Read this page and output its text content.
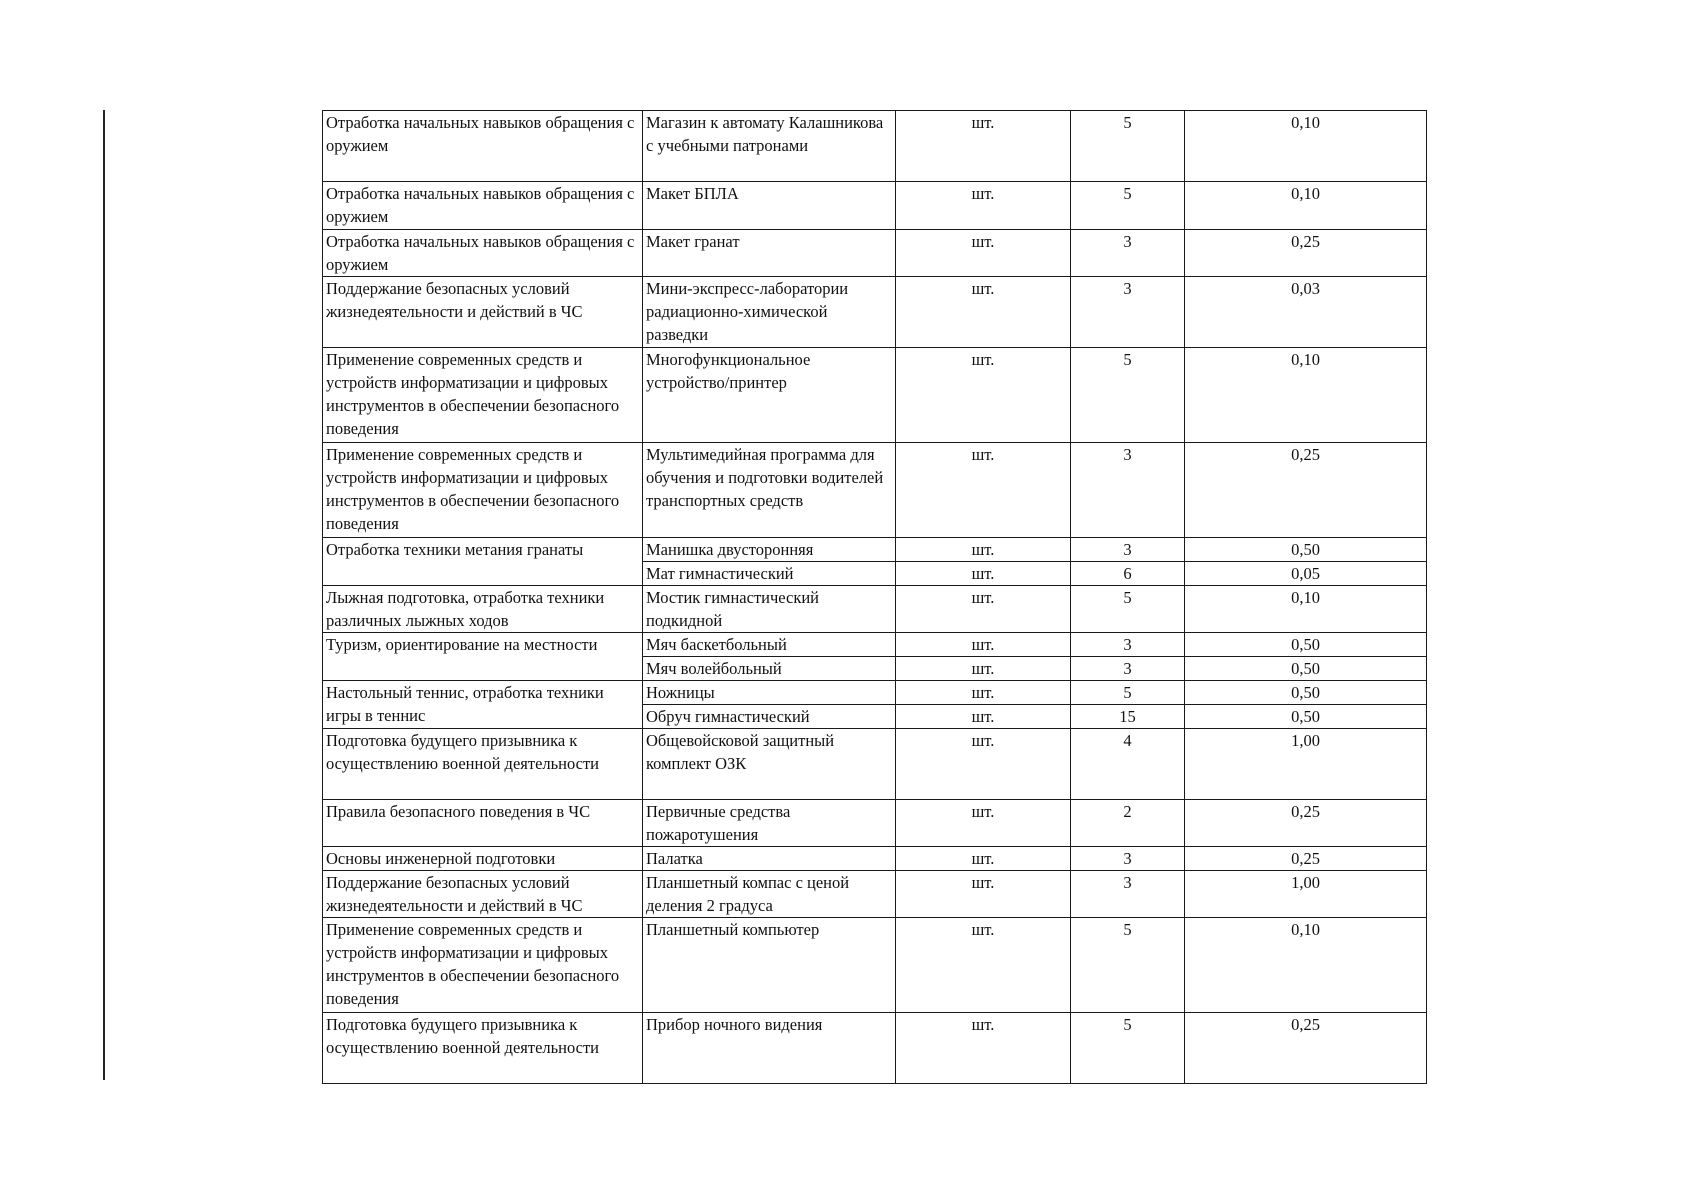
Отработка начальных навыков обращения с оружием	Магазин к автомату Калашникова с учебными патронами	шт.	5	0,10
Отработка начальных навыков обращения с оружием	Макет БПЛА	шт.	5	0,10
Отработка начальных навыков обращения с оружием	Макет гранат	шт.	3	0,25
Поддержание безопасных условий жизнедеятельности и действий в ЧС	Мини-экспресс-лаборатории радиационно-химической разведки	шт.	3	0,03
Применение современных средств и устройств информатизации и цифровых инструментов в обеспечении безопасного поведения	Многофункциональное устройство/принтер	шт.	5	0,10
Применение современных средств и устройств информатизации и цифровых инструментов в обеспечении безопасного поведения	Мультимедийная программа для обучения и подготовки водителей транспортных средств	шт.	3	0,25
Отработка техники метания гранаты	Манишка двусторонняя	шт.	3	0,50
	Мат гимнастический	шт.	6	0,05
Лыжная подготовка, отработка техники различных лыжных ходов	Мостик гимнастический подкидной	шт.	5	0,10
Туризм, ориентирование на местности	Мяч баскетбольный	шт.	3	0,50
	Мяч волейбольный	шт.	3	0,50
Настольный теннис, отработка техники игры в теннис	Ножницы	шт.	5	0,50
	Обруч гимнастический	шт.	15	0,50
Подготовка будущего призывника к осуществлению военной деятельности	Общевойсковой защитный комплект ОЗК	шт.	4	1,00
Правила безопасного поведения в ЧС	Первичные средства пожаротушения	шт.	2	0,25
Основы инженерной подготовки	Палатка	шт.	3	0,25
Поддержание безопасных условий жизнедеятельности и действий в ЧС	Планшетный компас с ценой деления 2 градуса	шт.	3	1,00
Применение современных средств и устройств информатизации и цифровых инструментов в обеспечении безопасного поведения	Планшетный компьютер	шт.	5	0,10
Подготовка будущего призывника к осуществлению военной деятельности	Прибор ночного видения	шт.	5	0,25
